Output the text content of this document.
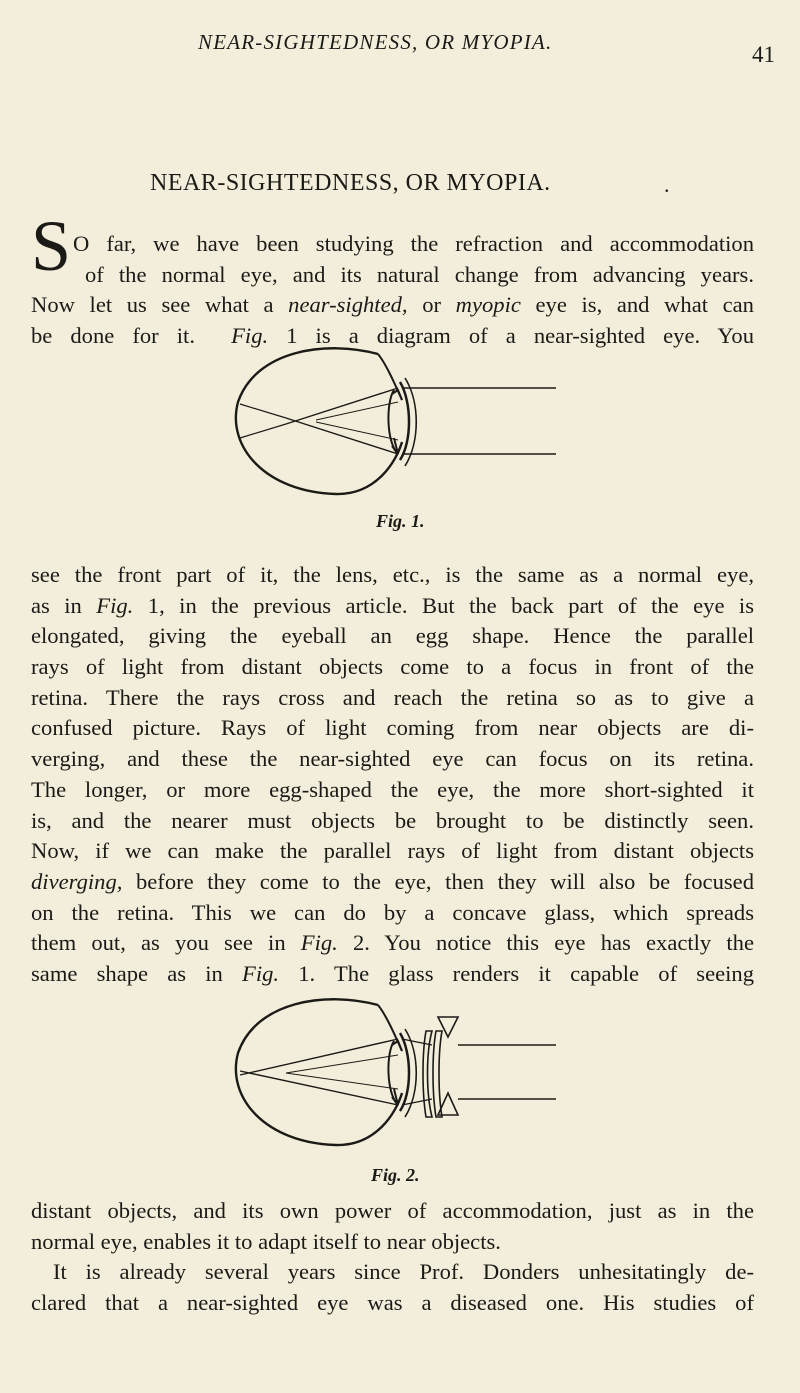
NEAR-SIGHTEDNESS, OR MYOPIA.	41
NEAR-SIGHTEDNESS, OR MYOPIA.	.
S O far, we have been studying the refraction and accommodation
of the normal eye, and its natural change from advancing years.
Now let us see what a near-sighted, or myopic eye is, and what can
be done for it. Fig. 1 is a diagram of a near-sighted eye. You
Fig. 1.
see the front part of it, the lens, etc., is the same as a normal eye,
as in Fig. 1, in the previous article. But the back part of the eye is
elongated, giving the eyeball an egg shape. Hence the parallel
rays of light from distant objects come to a focus in front of the
retina. There the rays cross and reach the retina so as to give a
confused picture. Rays of light coming from near objects are di-
verging, and these the near-sighted eye can focus on its retina.
The longer, or more egg-shaped the eye, the more short-sighted it
is, and the nearer must objects be brought to be distinctly seen.
Now, if we can make the parallel rays of light from distant objects
diverging, before they come to the eye, then they will also be focused
on the retina. This we can do by a concave glass, which spreads
them out, as you see in Fig. 2. You notice this eye has exactly the
same shape as in Fig. 1. The glass renders it capable of seeing
Fig. 2.
distant objects, and its own power of accommodation, just as in the
normal eye, enables it to adapt itself to near objects.
It is already several years since Prof. Donders unhesitatingly de-
clared that a near-sighted eye was a diseased one. His studies of
